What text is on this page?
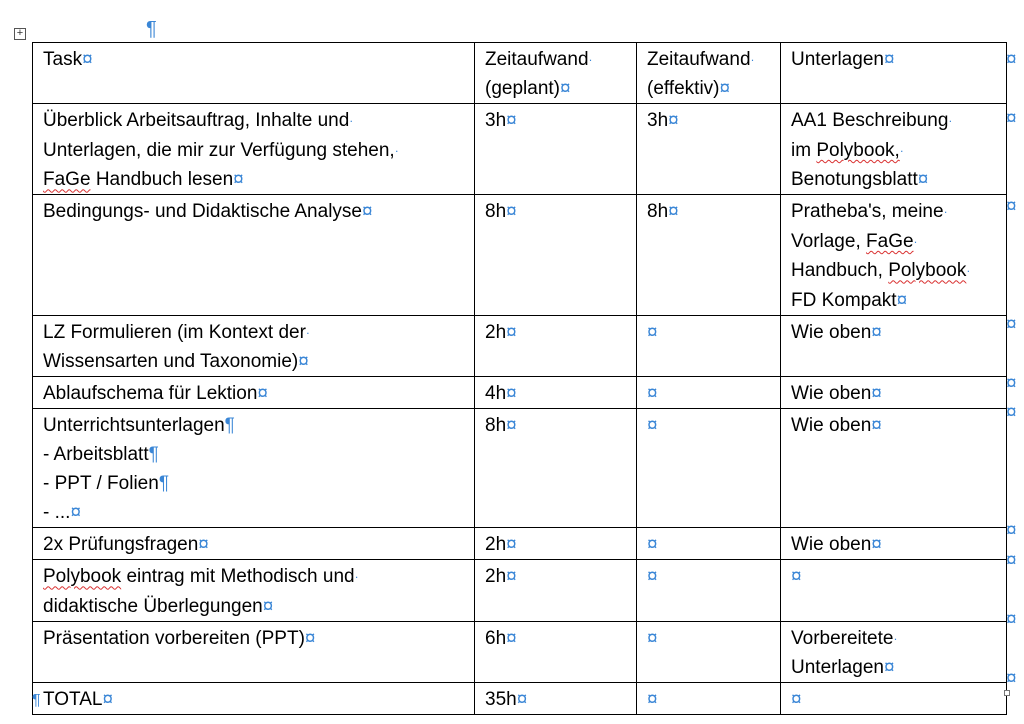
+	¶
Task¤	Zeitaufwand·
(geplant)¤	Zeitaufwand·
(effektiv)¤	Unterlagen¤
Überblick Arbeitsauftrag, Inhalte und·
Unterlagen, die mir zur Verfügung stehen,·
FaGe Handbuch lesen¤	3h¤	3h¤	AA1 Beschreibung·
im Polybook,·
Benotungsblatt¤
Bedingungs- und Didaktische Analyse¤	8h¤	8h¤	Pratheba's, meine·
Vorlage, FaGe·
Handbuch, Polybook·
FD Kompakt¤
LZ Formulieren (im Kontext der·
Wissensarten und Taxonomie)¤	2h¤	¤	Wie oben¤
Ablaufschema für Lektion¤	4h¤	¤	Wie oben¤
Unterrichtsunterlagen¶
- Arbeitsblatt¶
- PPT / Folien¶
- ...¤	8h¤	¤	Wie oben¤
2x Prüfungsfragen¤	2h¤	¤	Wie oben¤
Polybook eintrag mit Methodisch und·
didaktische Überlegungen¤	2h¤	¤	¤
Präsentation vorbereiten (PPT)¤	6h¤	¤	Vorbereitete·
Unterlagen¤
TOTAL¤	35h¤	¤	¤
¤
¤
¤
¤
¤
¤
¤
¤
¤
¤
¶
